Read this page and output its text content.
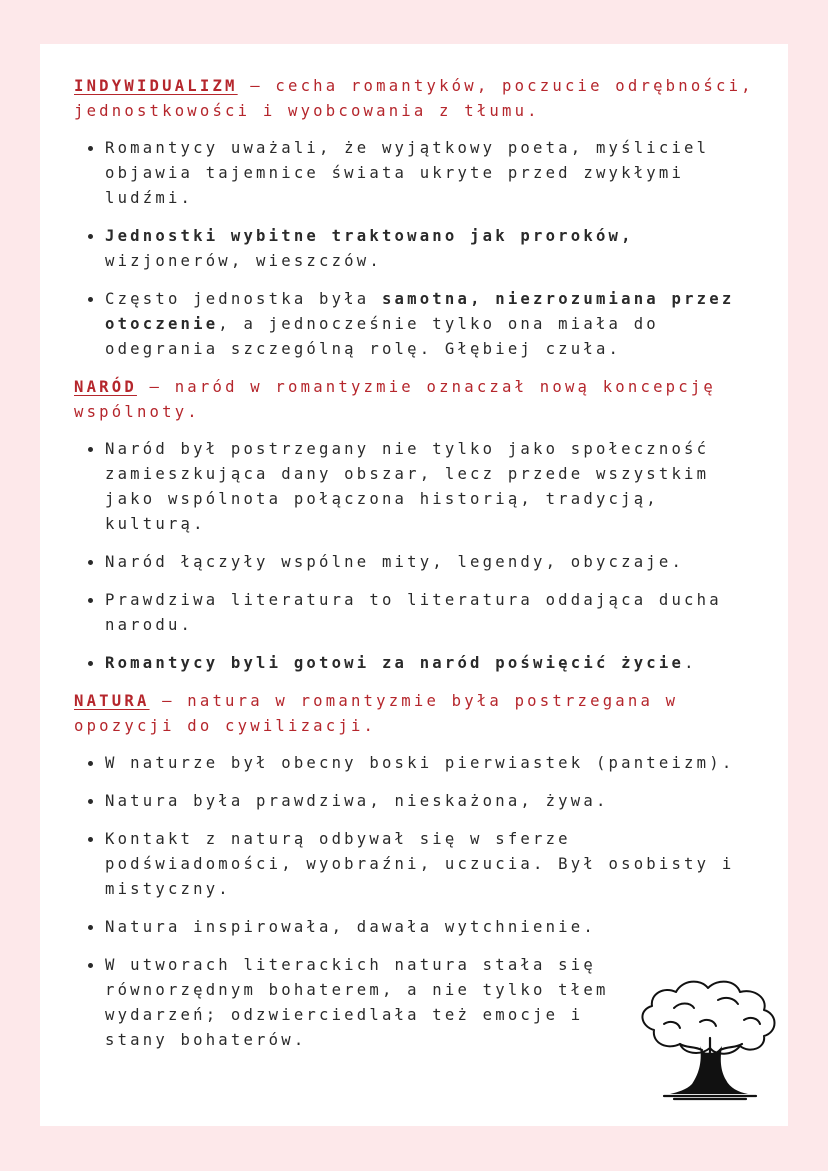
INDYWIDUALIZM – cecha romantyków, poczucie odrębności, jednostkowości i wyobcowania z tłumu.

Romantycy uważali, że wyjątkowy poeta, myśliciel objawia tajemnice świata ukryte przed zwykłymi ludźmi.
Jednostki wybitne traktowano jak proroków, wizjonerów, wieszczów.
Często jednostka była samotna, niezrozumiana przez otoczenie, a jednocześnie tylko ona miała do odegrania szczególną rolę. Głębiej czuła.

NARÓD – naród w romantyzmie oznaczał nową koncepcję wspólnoty.

Naród był postrzegany nie tylko jako społeczność zamieszkująca dany obszar, lecz przede wszystkim jako wspólnota połączona historią, tradycją, kulturą.
Naród łączyły wspólne mity, legendy, obyczaje.
Prawdziwa literatura to literatura oddająca ducha narodu.
Romantycy byli gotowi za naród poświęcić życie.

NATURA – natura w romantyzmie była postrzegana w opozycji do cywilizacji.

W naturze był obecny boski pierwiastek (panteizm).
Natura była prawdziwa, nieskażona, żywa.
Kontakt z naturą odbywał się w sferze podświadomości, wyobraźni, uczucia. Był osobisty i mistyczny.
Natura inspirowała, dawała wytchnienie.
W utworach literackich natura stała się równorzędnym bohaterem, a nie tylko tłem wydarzeń; odzwierciedlała też emocje i stany bohaterów.
